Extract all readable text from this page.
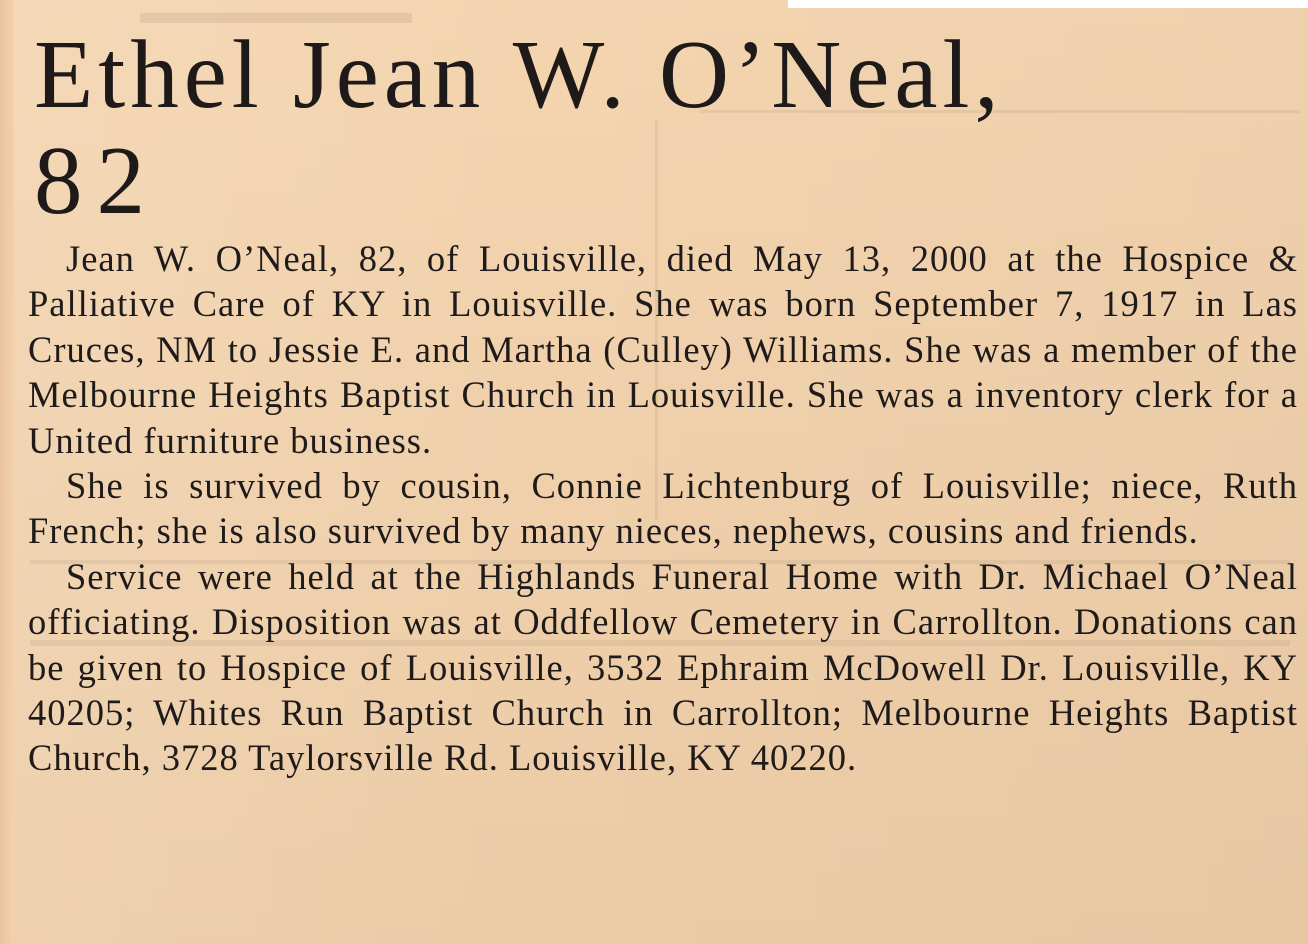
▬▬▬▬▬▬▬▬
Ethel Jean W. O’Neal,
82

Jean W. O’Neal, 82, of Louisville, died May 13, 2000 at the Hospice & Palliative Care of KY in Louisville. She was born September 7, 1917 in Las Cruces, NM to Jessie E. and Martha (Culley) Williams. She was a member of the Melbourne Heights Baptist Church in Louisville. She was a inventory clerk for a United furniture business.

She is survived by cousin, Connie Lichtenburg of Louisville; niece, Ruth French; she is also survived by many nieces, nephews, cousins and friends.

Service were held at the Highlands Funeral Home with Dr. Michael O’Neal officiating. Disposition was at Oddfellow Cemetery in Carrollton. Donations can be given to Hospice of Louisville, 3532 Ephraim McDowell Dr. Louisville, KY 40205; Whites Run Baptist Church in Carrollton; Melbourne Heights Baptist Church, 3728 Taylorsville Rd. Louisville, KY 40220.
